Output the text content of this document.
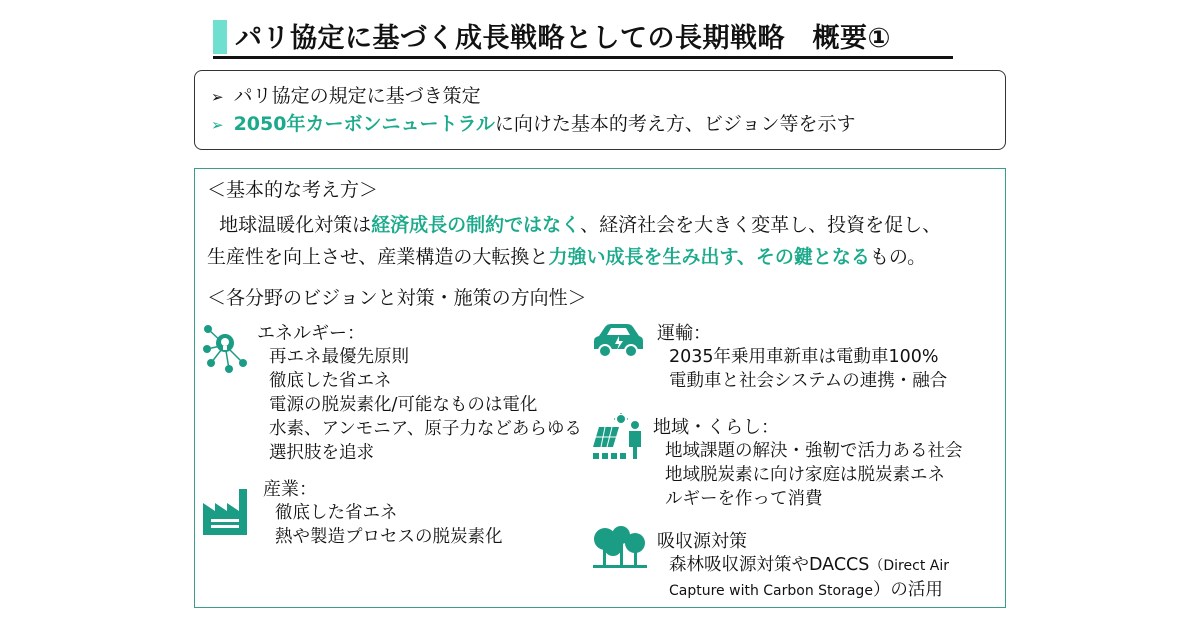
パリ協定に基づく成長戦略としての長期戦略　概要①
➢ パリ協定の規定に基づき策定
➢ 2050年カーボンニュートラルに向けた基本的考え方、ビジョン等を示す
＜基本的な考え方＞
地球温暖化対策は経済成長の制約ではなく、経済社会を大きく変革し、投資を促し、
生産性を向上させ、産業構造の大転換と力強い成長を生み出す、その鍵となるもの。
＜各分野のビジョンと対策・施策の方向性＞
エネルギー：
再エネ最優先原則
徹底した省エネ
電源の脱炭素化/可能なものは電化
水素、アンモニア、原子力などあらゆる
選択肢を追求
産業：
徹底した省エネ
熱や製造プロセスの脱炭素化
運輸：
2035年乗用車新車は電動車100%
電動車と社会システムの連携・融合
地域・くらし：
地域課題の解決・強靭で活力ある社会
地域脱炭素に向け家庭は脱炭素エネ
ルギーを作って消費
吸収源対策
森林吸収源対策やDACCS（Direct Air
Capture with Carbon Storage）の活用
